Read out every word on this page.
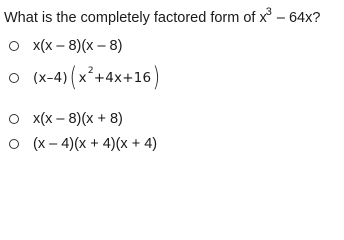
What is the completely factored form of $x^3 - 64x$?
x(x – 8)(x – 8)
(x–4) ( x 2 +4x+16 )
x(x – 8)(x + 8)
(x – 4)(x + 4)(x + 4)
